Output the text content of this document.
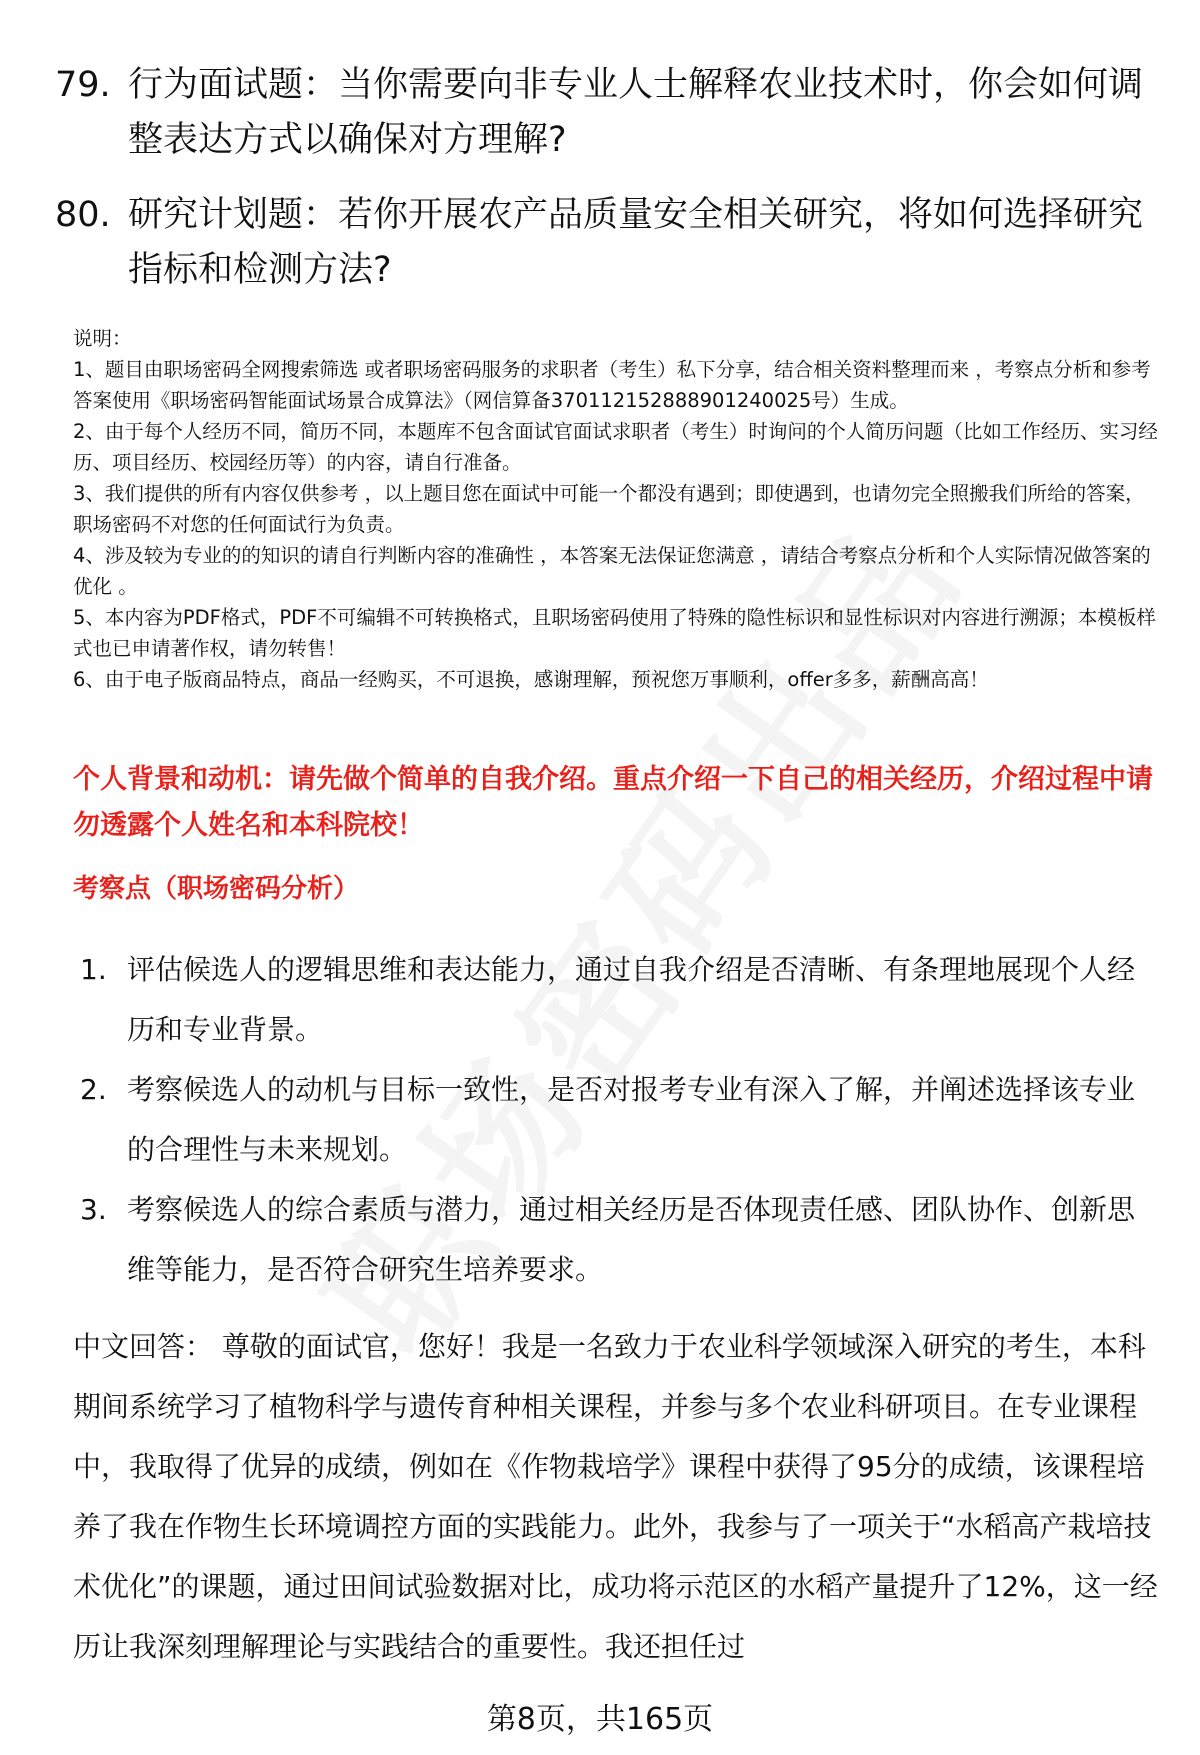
79. 行为面试题：当你需要向非专业人士解释农业技术时，你会如何调整表达方式以确保对方理解?
80. 研究计划题：若你开展农产品质量安全相关研究，将如何选择研究指标和检测方法?

说明：

1、题目由职场密码全网搜索筛选 或者职场密码服务的求职者（考生）私下分享，结合相关资料整理而来 ，考察点分析和参考答案使用《职场密码智能面试场景合成算法》（网信算备370112152888901240025号）生成。

2、由于每个人经历不同，简历不同，本题库不包含面试官面试求职者（考生）时询问的个人简历问题（比如工作经历、实习经历、项目经历、校园经历等）的内容，请自行准备。

3、我们提供的所有内容仅供参考 ，以上题目您在面试中可能一个都没有遇到；即使遇到，也请勿完全照搬我们所给的答案，职场密码不对您的任何面试行为负责。

4、涉及较为专业的的知识的请自行判断内容的准确性 ，本答案无法保证您满意 ，请结合考察点分析和个人实际情况做答案的优化 。

5、本内容为PDF格式，PDF不可编辑不可转换格式，且职场密码使用了特殊的隐性标识和显性标识对内容进行溯源；本模板样式也已申请著作权，请勿转售！

6、由于电子版商品特点，商品一经购买，不可退换，感谢理解，预祝您万事顺利，offer多多，薪酬高高！

个人背景和动机：请先做个简单的自我介绍。重点介绍一下自己的相关经历，介绍过程中请勿透露个人姓名和本科院校！
考察点（职场密码分析）
1. 评估候选人的逻辑思维和表达能力，通过自我介绍是否清晰、有条理地展现个人经历和专业背景。
2. 考察候选人的动机与目标一致性，是否对报考专业有深入了解，并阐述选择该专业的合理性与未来规划。
3. 考察候选人的综合素质与潜力，通过相关经历是否体现责任感、团队协作、创新思维等能力，是否符合研究生培养要求。
中文回答： 尊敬的面试官，您好！我是一名致力于农业科学领域深入研究的考生，本科期间系统学习了植物科学与遗传育种相关课程，并参与多个农业科研项目。在专业课程中，我取得了优异的成绩，例如在《作物栽培学》课程中获得了95分的成绩，该课程培养了我在作物生长环境调控方面的实践能力。此外，我参与了一项关于“水稻高产栽培技术优化”的课题，通过田间试验数据对比，成功将示范区的水稻产量提升了12%，这一经历让我深刻理解理论与实践结合的重要性。我还担任过
第8页，共165页
